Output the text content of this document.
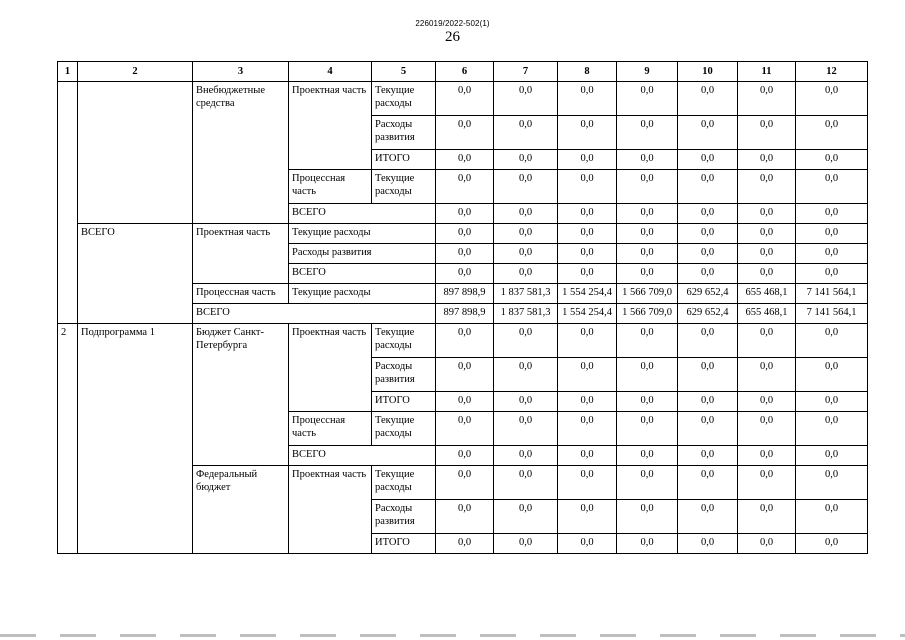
226019/2022-502(1)
26
1	2	3	4	5	6	7	8	9	10	11	12
		Внебюджетные средства	Проектная часть	Текущие расходы	0,0	0,0	0,0	0,0	0,0	0,0	0,0
				Расходы развития	0,0	0,0	0,0	0,0	0,0	0,0	0,0
				ИТОГО	0,0	0,0	0,0	0,0	0,0	0,0	0,0
			Процессная часть	Текущие расходы	0,0	0,0	0,0	0,0	0,0	0,0	0,0
			ВСЕГО		0,0	0,0	0,0	0,0	0,0	0,0	0,0
	ВСЕГО	Проектная часть	Текущие расходы		0,0	0,0	0,0	0,0	0,0	0,0	0,0
			Расходы развития		0,0	0,0	0,0	0,0	0,0	0,0	0,0
			ВСЕГО		0,0	0,0	0,0	0,0	0,0	0,0	0,0
		Процессная часть	Текущие расходы		897 898,9	1 837 581,3	1 554 254,4	1 566 709,0	629 652,4	655 468,1	7 141 564,1
		ВСЕГО			897 898,9	1 837 581,3	1 554 254,4	1 566 709,0	629 652,4	655 468,1	7 141 564,1
2	Подпрограмма 1	Бюджет Санкт-Петербурга	Проектная часть	Текущие расходы	0,0	0,0	0,0	0,0	0,0	0,0	0,0
				Расходы развития	0,0	0,0	0,0	0,0	0,0	0,0	0,0
				ИТОГО	0,0	0,0	0,0	0,0	0,0	0,0	0,0
			Процессная часть	Текущие расходы	0,0	0,0	0,0	0,0	0,0	0,0	0,0
			ВСЕГО		0,0	0,0	0,0	0,0	0,0	0,0	0,0
		Федеральный бюджет	Проектная часть	Текущие расходы	0,0	0,0	0,0	0,0	0,0	0,0	0,0
				Расходы развития	0,0	0,0	0,0	0,0	0,0	0,0	0,0
				ИТОГО	0,0	0,0	0,0	0,0	0,0	0,0	0,0
